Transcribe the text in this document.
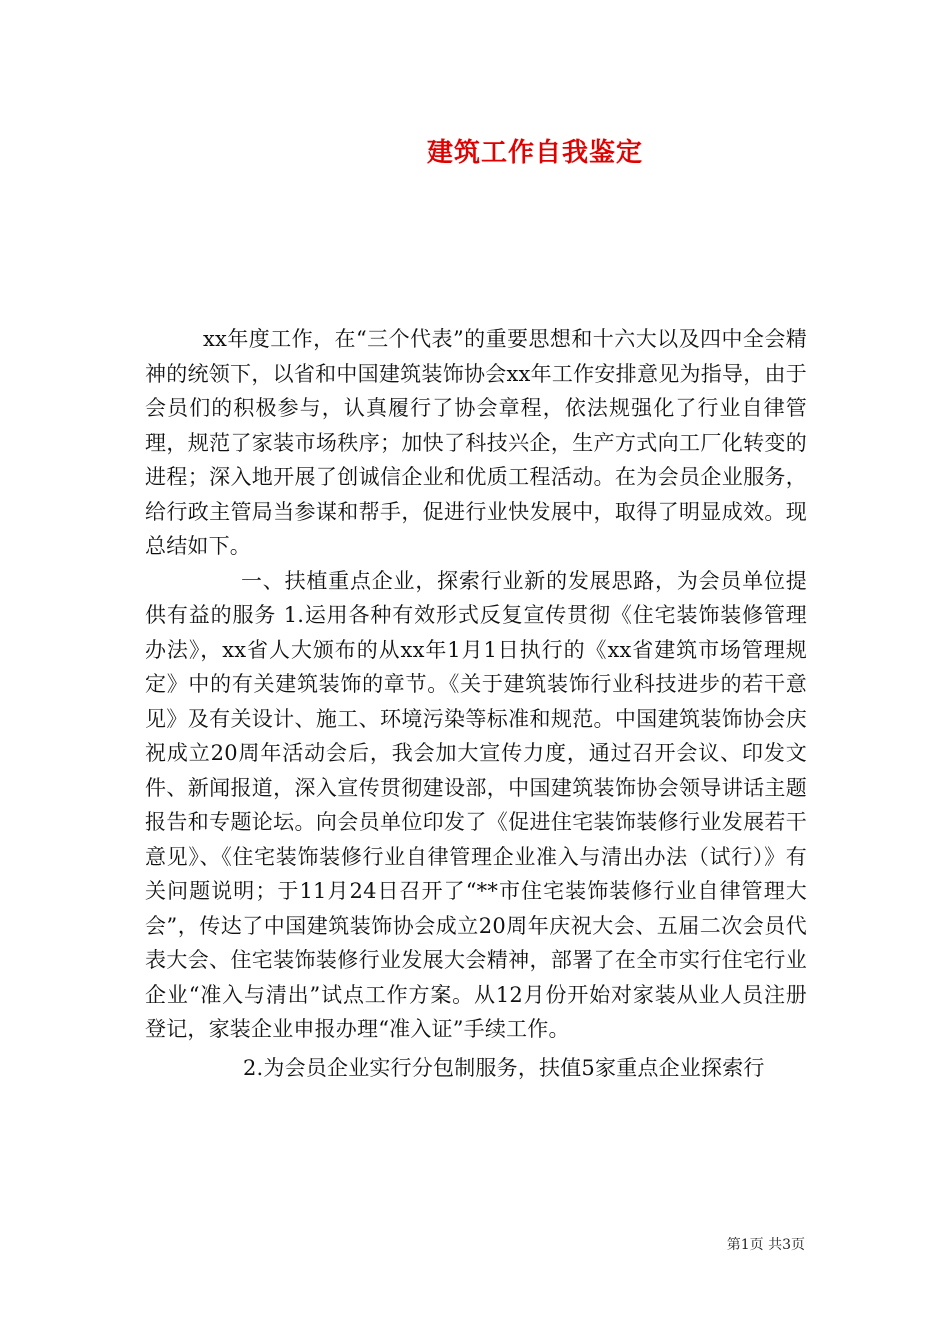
建筑工作自我鉴定

xx年度工作，在“三个代表”的重要思想和十六大以及四中全会精神的统领下，以省和中国建筑装饰协会xx年工作安排意见为指导，由于会员们的积极参与，认真履行了协会章程，依法规强化了行业自律管理，规范了家装市场秩序；加快了科技兴企，生产方式向工厂化转变的进程；深入地开展了创诚信企业和优质工程活动。在为会员企业服务，给行政主管局当参谋和帮手，促进行业快发展中，取得了明显成效。现总结如下。

一、扶植重点企业，探索行业新的发展思路，为会员单位提供有益的服务 1.运用各种有效形式反复宣传贯彻《住宅装饰装修管理办法》，xx省人大颁布的从xx年1月1日执行的《xx省建筑市场管理规定》中的有关建筑装饰的章节。《关于建筑装饰行业科技进步的若干意见》及有关设计、施工、环境污染等标准和规范。中国建筑装饰协会庆祝成立20周年活动会后，我会加大宣传力度，通过召开会议、印发文件、新闻报道，深入宣传贯彻建设部，中国建筑装饰协会领导讲话主题报告和专题论坛。向会员单位印发了《促进住宅装饰装修行业发展若干意见》、《住宅装饰装修行业自律管理企业准入与清出办法（试行）》有关问题说明；于11月24日召开了“**市住宅装饰装修行业自律管理大会”，传达了中国建筑装饰协会成立20周年庆祝大会、五届二次会员代表大会、住宅装饰装修行业发展大会精神，部署了在全市实行住宅行业企业“准入与清出”试点工作方案。从12月份开始对家装从业人员注册登记，家装企业申报办理“准入证”手续工作。

2.为会员企业实行分包制服务，扶值5家重点企业探索行

第1页 共3页
